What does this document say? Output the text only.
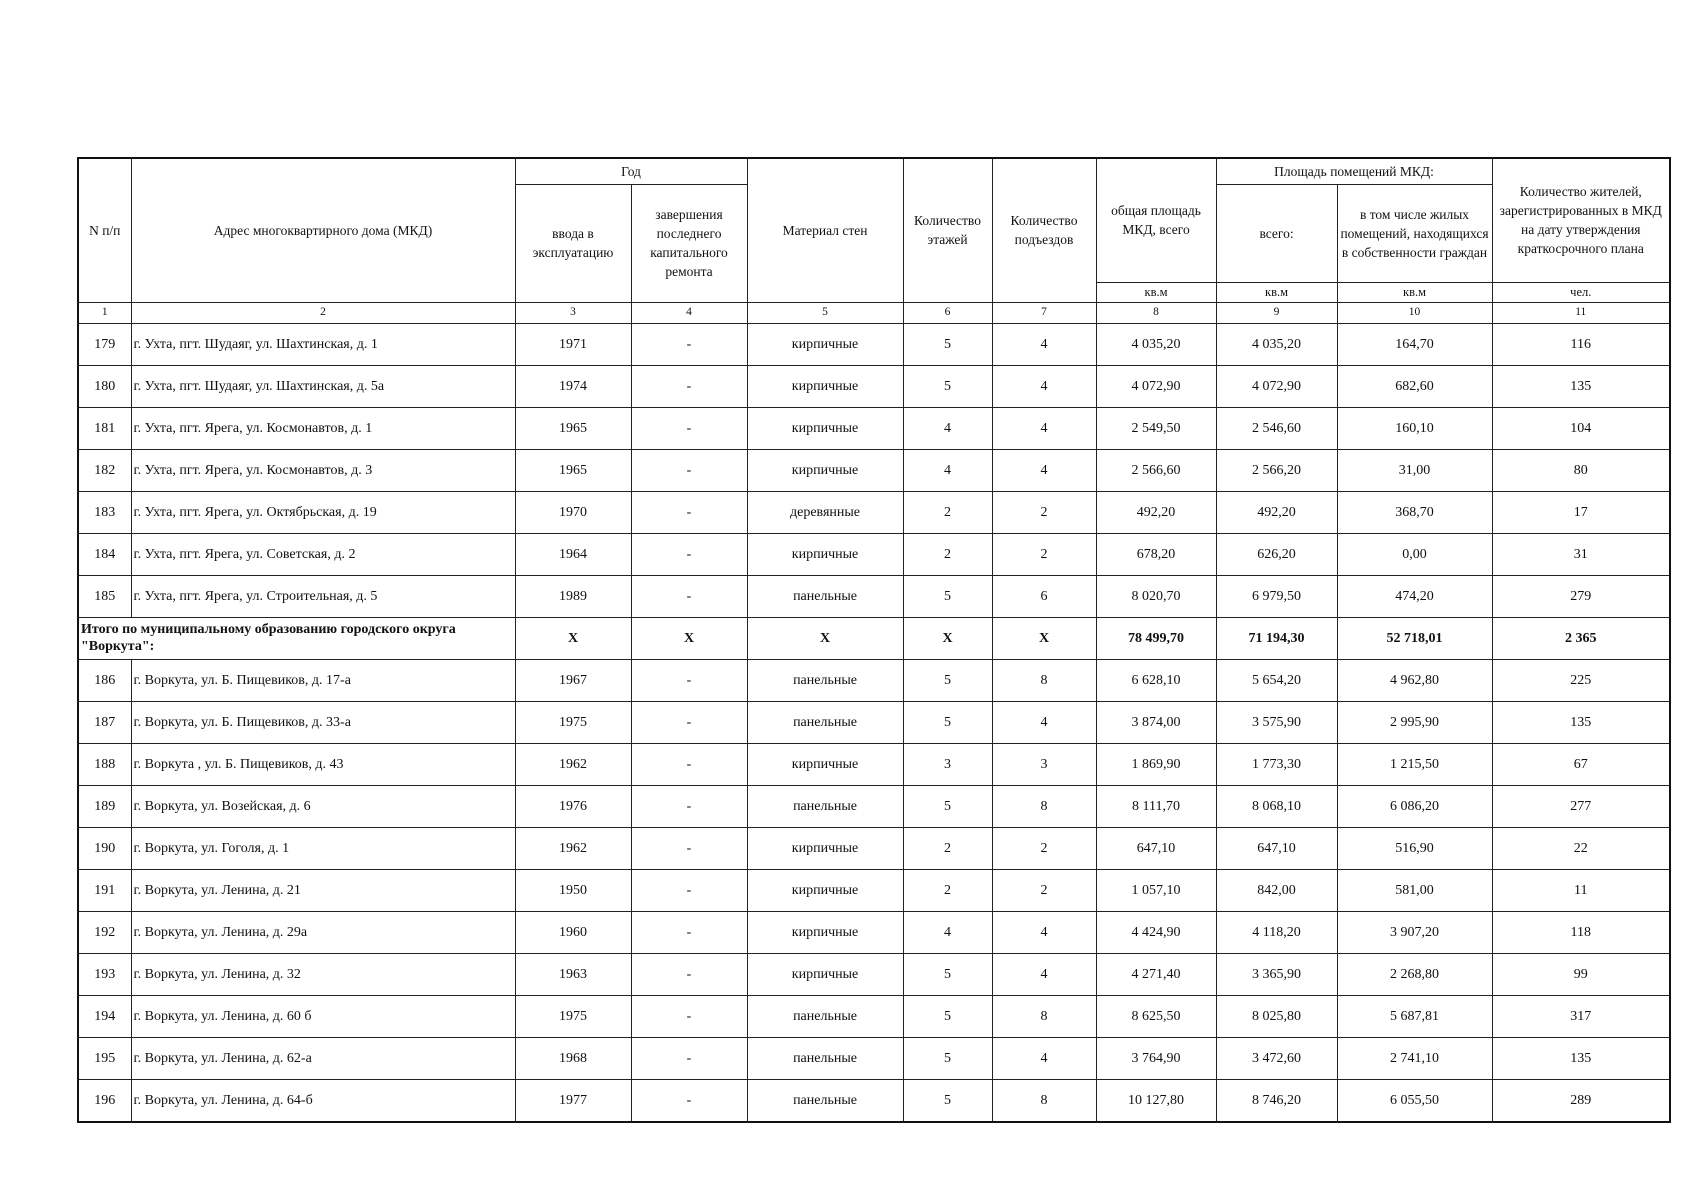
N п/п	Адрес многоквартирного дома (МКД)	Год		Материал стен	Количество этажей	Количество подъездов	общая площадь МКД, всего	Площадь помещений МКД:		Количество жителей, зарегистрированных в МКД на дату утверждения краткосрочного плана
		ввода в эксплуатацию	завершения последнего капитального ремонта					всего:	в том числе жилых помещений, находящихся в собственности граждан	
							кв.м	кв.м	кв.м	чел.
1	2	3	4	5	6	7	8	9	10	11
179	г. Ухта, пгт. Шудаяг, ул. Шахтинская, д. 1	1971	-	кирпичные	5	4	4 035,20	4 035,20	164,70	116
180	г. Ухта, пгт. Шудаяг, ул. Шахтинская, д. 5а	1974	-	кирпичные	5	4	4 072,90	4 072,90	682,60	135
181	г. Ухта, пгт. Ярега, ул. Космонавтов, д. 1	1965	-	кирпичные	4	4	2 549,50	2 546,60	160,10	104
182	г. Ухта, пгт. Ярега, ул. Космонавтов, д. 3	1965	-	кирпичные	4	4	2 566,60	2 566,20	31,00	80
183	г. Ухта, пгт. Ярега, ул. Октябрьская, д. 19	1970	-	деревянные	2	2	492,20	492,20	368,70	17
184	г. Ухта, пгт. Ярега, ул. Советская, д. 2	1964	-	кирпичные	2	2	678,20	626,20	0,00	31
185	г. Ухта, пгт. Ярега, ул. Строительная, д. 5	1989	-	панельные	5	6	8 020,70	6 979,50	474,20	279
Итого по муниципальному образованию городского округа "Воркута":		X	X	X	X	X	78 499,70	71 194,30	52 718,01	2 365
186	г. Воркута, ул. Б. Пищевиков, д. 17-а	1967	-	панельные	5	8	6 628,10	5 654,20	4 962,80	225
187	г. Воркута, ул. Б. Пищевиков, д. 33-а	1975	-	панельные	5	4	3 874,00	3 575,90	2 995,90	135
188	г. Воркута , ул. Б. Пищевиков, д. 43	1962	-	кирпичные	3	3	1 869,90	1 773,30	1 215,50	67
189	г. Воркута, ул. Возейская, д. 6	1976	-	панельные	5	8	8 111,70	8 068,10	6 086,20	277
190	г. Воркута, ул. Гоголя, д. 1	1962	-	кирпичные	2	2	647,10	647,10	516,90	22
191	г. Воркута, ул. Ленина, д. 21	1950	-	кирпичные	2	2	1 057,10	842,00	581,00	11
192	г. Воркута, ул. Ленина, д. 29а	1960	-	кирпичные	4	4	4 424,90	4 118,20	3 907,20	118
193	г. Воркута, ул. Ленина, д. 32	1963	-	кирпичные	5	4	4 271,40	3 365,90	2 268,80	99
194	г. Воркута, ул. Ленина, д. 60 б	1975	-	панельные	5	8	8 625,50	8 025,80	5 687,81	317
195	г. Воркута, ул. Ленина, д. 62-а	1968	-	панельные	5	4	3 764,90	3 472,60	2 741,10	135
196	г. Воркута, ул. Ленина, д. 64-б	1977	-	панельные	5	8	10 127,80	8 746,20	6 055,50	289
